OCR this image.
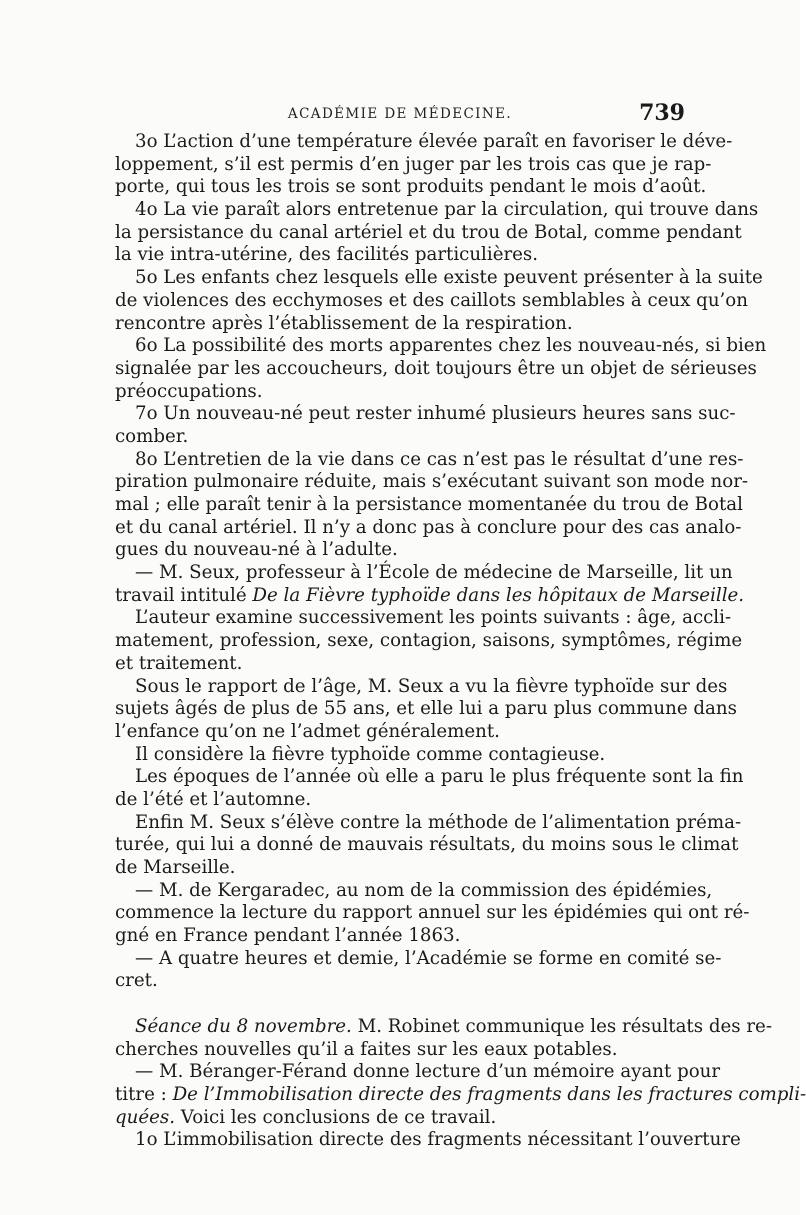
ACADÉMIE DE MÉDECINE.	739
3o L’action d’une température élevée paraît en favoriser le déve-
loppement, s’il est permis d’en juger par les trois cas que je rap-
porte, qui tous les trois se sont produits pendant le mois d’août.
4o La vie paraît alors entretenue par la circulation, qui trouve dans
la persistance du canal artériel et du trou de Botal, comme pendant
la vie intra-utérine, des facilités particulières.
5o Les enfants chez lesquels elle existe peuvent présenter à la suite
de violences des ecchymoses et des caillots semblables à ceux qu’on
rencontre après l’établissement de la respiration.
6o La possibilité des morts apparentes chez les nouveau-nés, si bien
signalée par les accoucheurs, doit toujours être un objet de sérieuses
préoccupations.
7o Un nouveau-né peut rester inhumé plusieurs heures sans suc-
comber.
8o L’entretien de la vie dans ce cas n’est pas le résultat d’une res-
piration pulmonaire réduite, mais s’exécutant suivant son mode nor-
mal ; elle paraît tenir à la persistance momentanée du trou de Botal
et du canal artériel. Il n’y a donc pas à conclure pour des cas analo-
gues du nouveau-né à l’adulte.
— M. Seux, professeur à l’École de médecine de Marseille, lit un
travail intitulé De la Fièvre typhoïde dans les hôpitaux de Marseille.
L’auteur examine successivement les points suivants : âge, accli-
matement, profession, sexe, contagion, saisons, symptômes, régime
et traitement.
Sous le rapport de l’âge, M. Seux a vu la fièvre typhoïde sur des
sujets âgés de plus de 55 ans, et elle lui a paru plus commune dans
l’enfance qu’on ne l’admet généralement.
Il considère la fièvre typhoïde comme contagieuse.
Les époques de l’année où elle a paru le plus fréquente sont la fin
de l’été et l’automne.
Enfin M. Seux s’élève contre la méthode de l’alimentation préma-
turée, qui lui a donné de mauvais résultats, du moins sous le climat
de Marseille.
— M. de Kergaradec, au nom de la commission des épidémies,
commence la lecture du rapport annuel sur les épidémies qui ont ré-
gné en France pendant l’année 1863.
— A quatre heures et demie, l’Académie se forme en comité se-
cret.
Séance du 8 novembre. M. Robinet communique les résultats des re-
cherches nouvelles qu’il a faites sur les eaux potables.
— M. Béranger-Férand donne lecture d’un mémoire ayant pour
titre : De l’Immobilisation directe des fragments dans les fractures compli-
quées. Voici les conclusions de ce travail.
1o L’immobilisation directe des fragments nécessitant l’ouverture
